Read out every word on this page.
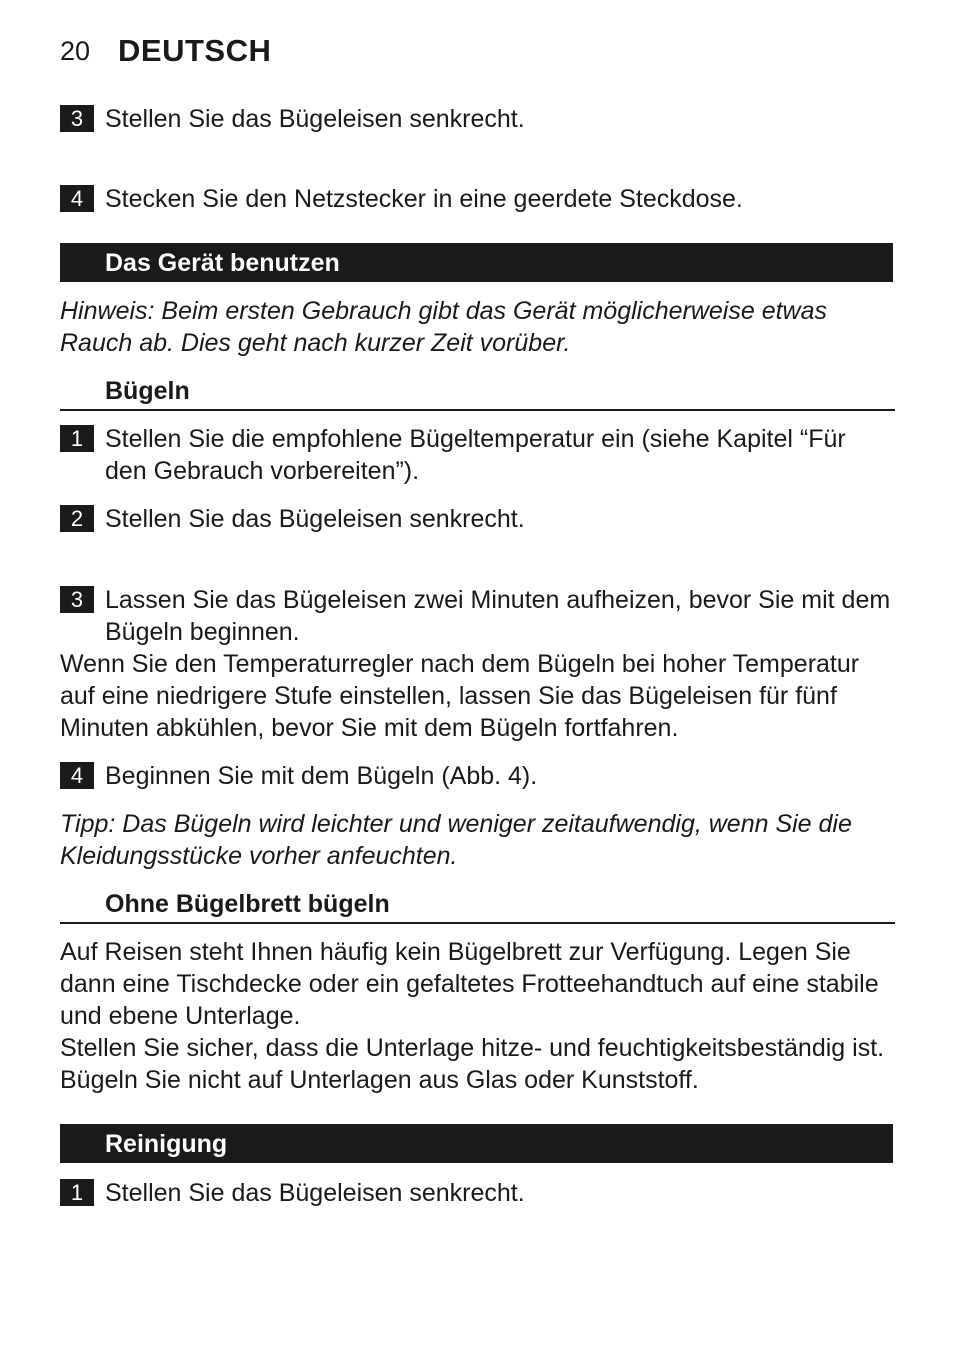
20 DEUTSCH
3 Stellen Sie das Bügeleisen senkrecht.
4 Stecken Sie den Netzstecker in eine geerdete Steckdose.
Das Gerät benutzen
Hinweis: Beim ersten Gebrauch gibt das Gerät möglicherweise etwas Rauch ab. Dies geht nach kurzer Zeit vorüber.
Bügeln
1 Stellen Sie die empfohlene Bügeltemperatur ein (siehe Kapitel “Für den Gebrauch vorbereiten”).
2 Stellen Sie das Bügeleisen senkrecht.
3 Lassen Sie das Bügeleisen zwei Minuten aufheizen, bevor Sie mit dem Bügeln beginnen.
Wenn Sie den Temperaturregler nach dem Bügeln bei hoher Temperatur auf eine niedrigere Stufe einstellen, lassen Sie das Bügeleisen für fünf Minuten abkühlen, bevor Sie mit dem Bügeln fortfahren.
4 Beginnen Sie mit dem Bügeln (Abb. 4).
Tipp: Das Bügeln wird leichter und weniger zeitaufwendig, wenn Sie die Kleidungsstücke vorher anfeuchten.
Ohne Bügelbrett bügeln
Auf Reisen steht Ihnen häufig kein Bügelbrett zur Verfügung. Legen Sie dann eine Tischdecke oder ein gefaltetes Frotteehandtuch auf eine stabile und ebene Unterlage.
Stellen Sie sicher, dass die Unterlage hitze- und feuchtigkeitsbeständig ist. Bügeln Sie nicht auf Unterlagen aus Glas oder Kunststoff.
Reinigung
1 Stellen Sie das Bügeleisen senkrecht.
